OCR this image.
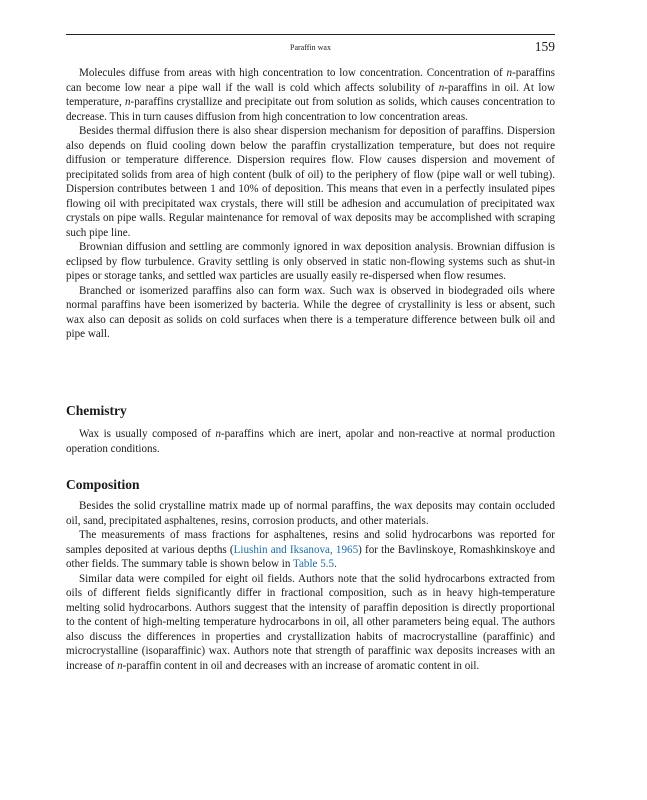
Paraffin wax	159

Molecules diffuse from areas with high concentration to low concentration. Concentration of n-paraffins can become low near a pipe wall if the wall is cold which affects solubility of n-paraffins in oil. At low temperature, n-paraffins crystallize and precipitate out from solution as solids, which causes concentration to decrease. This in turn causes diffusion from high concentration to low concentration areas.

Besides thermal diffusion there is also shear dispersion mechanism for deposition of paraffins. Dispersion also depends on fluid cooling down below the paraffin crystallization temperature, but does not require diffusion or temperature difference. Dispersion requires flow. Flow causes dispersion and movement of precipitated solids from area of high content (bulk of oil) to the periphery of flow (pipe wall or well tubing). Dispersion contributes between 1 and 10% of deposition. This means that even in a perfectly insulated pipes flowing oil with precipitated wax crystals, there will still be adhesion and accumulation of precipitated wax crystals on pipe walls. Regular maintenance for removal of wax deposits may be accomplished with scraping such pipe line.

Brownian diffusion and settling are commonly ignored in wax deposition analysis. Brownian diffusion is eclipsed by flow turbulence. Gravity settling is only observed in static non-flowing systems such as shut-in pipes or storage tanks, and settled wax particles are usually easily re-dispersed when flow resumes.

Branched or isomerized paraffins also can form wax. Such wax is observed in biodegraded oils where normal paraffins have been isomerized by bacteria. While the degree of crystallinity is less or absent, such wax also can deposit as solids on cold surfaces when there is a temperature difference between bulk oil and pipe wall.

Chemistry

Wax is usually composed of n-paraffins which are inert, apolar and non-reactive at normal production operation conditions.

Composition

Besides the solid crystalline matrix made up of normal paraffins, the wax deposits may contain occluded oil, sand, precipitated asphaltenes, resins, corrosion products, and other materials.

The measurements of mass fractions for asphaltenes, resins and solid hydrocarbons was reported for samples deposited at various depths (Liushin and Iksanova, 1965) for the Bavlinskoye, Romashkinskoye and other fields. The summary table is shown below in Table 5.5.

Similar data were compiled for eight oil fields. Authors note that the solid hydrocarbons extracted from oils of different fields significantly differ in fractional composition, such as in heavy high-temperature melting solid hydrocarbons. Authors suggest that the intensity of paraffin deposition is directly proportional to the content of high-melting temperature hydrocarbons in oil, all other parameters being equal. The authors also discuss the differences in properties and crystallization habits of macrocrystalline (paraffinic) and microcrystalline (isoparaffinic) wax. Authors note that strength of paraffinic wax deposits increases with an increase of n-paraffin content in oil and decreases with an increase of aromatic content in oil.
